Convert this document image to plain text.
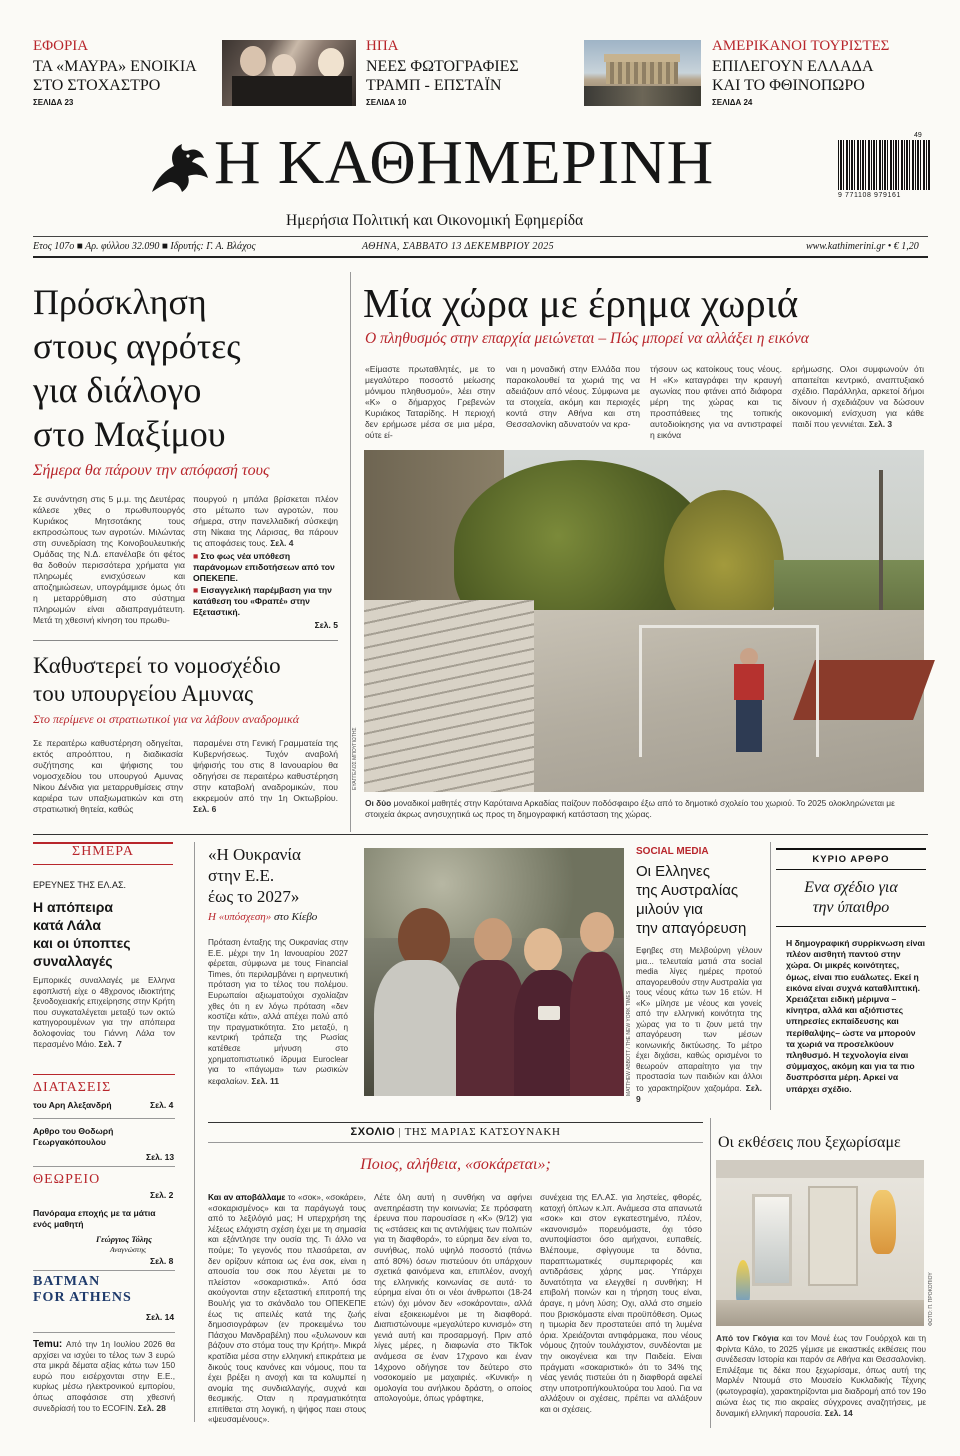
ΕΦΟΡΙΑ
ΤΑ «ΜΑΥΡΑ» ΕΝΟΙΚΙΑ
ΣΤΟ ΣΤΟΧΑΣΤΡΟ
ΣΕΛΙΔΑ 23
ΗΠΑ
ΝΕΕΣ ΦΩΤΟΓΡΑΦΙΕΣ
ΤΡΑΜΠ - ΕΠΣΤΑΪΝ
ΣΕΛΙΔΑ 10
ΑΜΕΡΙΚΑΝΟΙ ΤΟΥΡΙΣΤΕΣ
ΕΠΙΛΕΓΟΥΝ ΕΛΛΑΔΑ
ΚΑΙ ΤΟ ΦΘΙΝΟΠΩΡΟ
ΣΕΛΙΔΑ 24
Η ΚΑΘΗΜΕΡΙΝΗ
Ημερήσια Πολιτική και Οικονομική Εφημερίδα
49
9 771108 979161
Ετος 107ο ■ Αρ. φύλλου 32.090 ■ Ιδρυτής: Γ. Α. Βλάχος	ΑΘΗΝΑ, ΣΑΒΒΑΤΟ 13 ΔΕΚΕΜΒΡΙΟΥ 2025	www.kathimerini.gr • € 1,20
Πρόσκληση
στους αγρότες
για διάλογο
στο Μαξίμου
Σήμερα θα πάρουν την απόφασή τους
Σε συνάντηση στις 5 μ.μ. της Δευτέρας κάλεσε χθες ο πρωθυπουργός Κυριάκος Μητσοτάκης τους εκπροσώπους των αγροτών. Μιλώντας στη συνεδρίαση της Κοινοβουλευτικής Ομάδας της Ν.Δ. επανέλαβε ότι φέτος θα δοθούν περισσότερα χρήματα για πληρωμές ενισχύσεων και αποζημιώσεων, υπογράμμισε όμως ότι η μεταρρύθμιση στο σύστημα πληρωμών είναι αδιαπραγμάτευτη. Μετά τη χθεσινή κίνηση του πρωθυ-
πουργού η μπάλα βρίσκεται πλέον στο μέτωπο των αγροτών, που σήμερα, στην πανελλαδική σύσκεψη στη Νίκαια της Λάρισας, θα πάρουν τις αποφάσεις τους. Σελ. 4
■ Στο φως νέα υπόθεση παράνομων επιδοτήσεων από τον ΟΠΕΚΕΠΕ.
■ Εισαγγελική παρέμβαση για την κατάθεση του «Φραπέ» στην Εξεταστική.
Σελ. 5
Καθυστερεί το νομοσχέδιο
του υπουργείου Αμυνας
Στο περίμενε οι στρατιωτικοί για να λάβουν αναδρομικά
Σε περαιτέρω καθυστέρηση οδηγείται, εκτός απροόπτου, η διαδικασία συζήτησης και ψήφισης του νομοσχεδίου του υπουργού Αμυνας Νίκου Δένδια για μεταρρυθμίσεις στην καριέρα των υπαξιωματικών και στη στρατιωτική θητεία, καθώς
παραμένει στη Γενική Γραμματεία της Κυβερνήσεως. Τυχόν αναβολή ψήφισής του στις 8 Ιανουαρίου θα οδηγήσει σε περαιτέρω καθυστέρηση στην καταβολή αναδρομικών, που εκκρεμούν από την 1η Οκτωβρίου. Σελ. 6
Μία χώρα με έρημα χωριά
Ο πληθυσμός στην επαρχία μειώνεται – Πώς μπορεί να αλλάξει η εικόνα
«Είμαστε πρωταθλητές, με το μεγαλύτερο ποσοστό μείωσης μόνιμου πληθυσμού», λέει στην «Κ» ο δήμαρχος Γρεβενών Κυριάκος Ταταρίδης. Η περιοχή δεν ερήμωσε μέσα σε μια μέρα, ούτε εί-
ναι η μοναδική στην Ελλάδα που παρακολουθεί τα χωριά της να αδειάζουν από νέους. Σύμφωνα με τα στοιχεία, ακόμη και περιοχές κοντά στην Αθήνα και στη Θεσσαλονίκη αδυνατούν να κρα-
τήσουν ως κατοίκους τους νέους. Η «Κ» καταγράφει την κραυγή αγωνίας που φτάνει από διάφορα μέρη της χώρας και τις προσπάθειες της τοπικής αυτοδιοίκησης για να αντιστραφεί η εικόνα
ερήμωσης. Ολοι συμφωνούν ότι απαιτείται κεντρικό, αναπτυξιακό σχέδιο. Παράλληλα, αρκετοί δήμοι δίνουν ή σχεδιάζουν να δώσουν οικονομική ενίσχυση για κάθε παιδί που γεννιέται. Σελ. 3
ΕΥΑΓΓΕΛΟΣ ΜΠΟΥΓΙΩΤΗΣ
Οι δύο μοναδικοί μαθητές στην Καρύταινα Αρκαδίας παίζουν ποδόσφαιρο έξω από το δημοτικό σχολείο του χωριού. Το 2025 ολοκληρώνεται με στοιχεία άκρως ανησυχητικά ως προς τη δημογραφική κατάσταση της χώρας.
ΣΗΜΕΡΑ
ΕΡΕΥΝΕΣ ΤΗΣ ΕΛ.ΑΣ.
Η απόπειρα
κατά Λάλα
και οι ύποπτες
συναλλαγές
Εμπορικές συναλλαγές με Ελληνα εφοπλιστή είχε ο 48χρονος ιδιοκτήτης ξενοδοχειακής επιχείρησης στην Κρήτη που συγκαταλέγεται μεταξύ των οκτώ κατηγορουμένων για την απόπειρα δολοφονίας του Γιάννη Λάλα τον περασμένο Μάιο. Σελ. 7
ΔΙΑΤΑΣΕΙΣ
του Αρη Αλεξανδρή	Σελ. 4
Αρθρο του Θοδωρή Γεωργακόπουλου
Σελ. 13
ΘΕΩΡΕΙΟ
Σελ. 2
Πανόραμα εποχής με τα μάτια ενός μαθητή
Γεώργιος Τόλης
Αναγνώστης
Σελ. 8
BATMAN
FOR ATHENS
Σελ. 14
Temu: Από την 1η Ιουλίου 2026 θα αρχίσει να ισχύει το τέλος των 3 ευρώ στα μικρά δέματα αξίας κάτω των 150 ευρώ που εισέρχονται στην Ε.Ε., κυρίως μέσω ηλεκτρονικού εμπορίου, όπως αποφάσισε στη χθεσινή συνεδρίασή του το ECOFIN. Σελ. 28
«Η Ουκρανία
στην Ε.Ε.
έως το 2027»
Η «υπόσχεση» στο Κίεβο
Πρόταση ένταξης της Ουκρανίας στην Ε.Ε. μέχρι την 1η Ιανουαρίου 2027 φέρεται, σύμφωνα με τους Financial Times, ότι περιλαμβάνει η ειρηνευτική πρόταση για το τέλος του πολέμου. Ευρωπαίοι αξιωματούχοι σχολίαζαν χθες ότι η εν λόγω πρόταση «δεν κοστίζει κάτι», αλλά απέχει πολύ από την πραγματικότητα. Στο μεταξύ, η κεντρική τράπεζα της Ρωσίας κατέθεσε μήνυση στο χρηματοπιστωτικό ίδρυμα Euroclear για το «πάγωμα» των ρωσικών κεφαλαίων. Σελ. 11	MATTHEW ABBOTT / THE NEW YORK TIMES
SOCIAL MEDIA
Οι Ελληνες
της Αυστραλίας
μιλούν για
την απαγόρευση
Εφηβες στη Μελβούρνη γέλουν μια... τελευταία ματιά στα social media λίγες ημέρες προτού απαγορευθούν στην Αυστραλία για τους νέους κάτω των 16 ετών. Η «Κ» μίλησε με νέους και γονείς από την ελληνική κοινότητα της χώρας για το τι ζουν μετά την απαγόρευση των μέσων κοινωνικής δικτύωσης. Το μέτρο έχει διχάσει, καθώς ορισμένοι το θεωρούν απαραίτητο για την προστασία των παιδιών και άλλοι το χαρακτηρίζουν χαζομάρα. Σελ. 9
ΚΥΡΙΟ ΑΡΘΡΟ
Ενα σχέδιο για
την ύπαιθρο
Η δημογραφική συρρίκνωση είναι πλέον αισθητή παντού στην χώρα. Οι μικρές κοινότητες, όμως, είναι πιο ευάλωτες. Εκεί η εικόνα είναι συχνά καταθλιπτική. Χρειάζεται ειδική μέριμνα –κίνητρα, αλλά και αξιόπιστες υπηρεσίες εκπαίδευσης και περίθαλψης– ώστε να μπορούν τα χωριά να προσελκύουν πληθυσμό. Η τεχνολογία είναι σύμμαχος, ακόμη και για τα πιο δυσπρόσιτα μέρη. Αρκεί να υπάρχει σχέδιο.
ΣΧΟΛΙΟ | ΤΗΣ ΜΑΡΙΑΣ ΚΑΤΣΟΥΝΑΚΗ
Ποιος, αλήθεια, «σοκάρεται»;
Και αν αποβάλλαμε το «σοκ», «σοκάρει», «σοκαρισμένος» και τα παράγωγά τους από το λεξιλόγιό μας; Η υπερχρήση της λέξεως ελάχιστη σχέση έχει με τη σημασία και εξάντλησε την ουσία της. Τι άλλο να πούμε; Το γεγονός που πλασάρεται, αν δεν ορίζουν κάποια ως ένα σοκ, είναι η απουσία του σοκ που λέγεται με το πλείστον «σοκαριστικά». Από όσα ακούγονται στην εξεταστική επιτροπή της Βουλής για το σκάνδαλο του ΟΠΕΚΕΠΕ έως τις απειλές κατά της ζωής δημοσιογράφων (εν προκειμένω του Πάσχου Μανδραβέλη) που «ξυλωνουν και βάζουν στο στόμα τους την Κρήτη». Μικρά κρατίδια μέσα στην ελληνική επικράτεια με δικούς τους κανόνες και νόμους, που τα έχει βρέξει η ανοχή και τα κολυμπεί η ανομία της συνδιαλλαγής, συχνά και θεσμικής. Οταν η πραγματικότητα επιτίθεται στη λογική, η ψήφος παει στους «ψευσαμένους».
Λέτε όλη αυτή η συνθήκη να αφήνει ανεπηρέαστη την κοινωνία; Σε πρόσφατη έρευνα που παρουσίασε η «Κ» (9/12) για τις «στάσεις και τις αντιλήψεις των πολιτών για τη διαφθορά», το εύρημα δεν είναι το, συνήθως, πολύ υψηλό ποσοστό (πάνω από 80%) όσων πιστεύουν ότι υπάρχουν σχετικά φαινόμενα και, επιπλέον, ανοχή της ελληνικής κοινωνίας σε αυτά· το εύρημα είναι ότι οι νέοι άνθρωποι (18-24 ετών) όχι μόνον δεν «σοκάρονται», αλλά είναι εξοικειωμένοι με τη διαφθορά. Διαπιστώνουμε «μεγαλύτερο κυνισμό» στη γενιά αυτή και προσαρμογή. Πριν από λίγες μέρες, η διαφωνία στο TikTok ανάμεσα σε έναν 17χρονο και έναν 14χρονο οδήγησε τον δεύτερο στο νοσοκομείο με μαχαιριές. «Κυνική» η ομολογία του ανήλικου δράστη, ο οποίος απολογούμε, όπως γράφτηκε,
συνέχεια της ΕΛ.ΑΣ. για ληστείες, φθορές, κατοχή όπλων κ.λπ. Ανάμεσα στα απανωτά «σοκ» και στον εγκατεστημένο, πλέον, «κανονισμό» πορευόμαστε, όχι τόσο ανυποψίαστοι όσο αμήχανοι, ευπαθείς. Βλέπουμε, σφίγγουμε τα δόντια, παραπτωματικές συμπεριφορές και αντιδράσεις χάρης μας. Υπάρχει δυνατότητα να ελεγχθεί η συνθήκη; Η επιβολή ποινών και η τήρηση τους είναι, άραγε, η μόνη λύση; Οχι, αλλά στο σημείο που βρισκόμαστε είναι προϋπόθεση. Ομως η τιμωρία δεν προστατεύει από τη λυμένα όρια. Χρειάζονται αντιφάρμακα, που νέους νόμους ζητούν τουλάχιστον, συνδέονται με την οικογένεια και την Παιδεία. Είναι πράγματι «σοκαριστικό» ότι το 34% της νέας γενιάς πιστεύει ότι η διαφθορά αφελεί στην υποτροπή/κουλτούρα του λαού. Για να αλλάξουν οι σχέσεις, πρέπει να αλλάξουν και οι σχέσεις.
Οι εκθέσεις που ξεχωρίσαμε
ΦΩΤΟ: Π. ΠΡΟΚΟΠΙΟΥ
Από τον Γκόγια και τον Μονέ έως τον Γουόρχολ και τη Φρίντα Κάλο, το 2025 γέμισε με εικαστικές εκθέσεις που συνέδεσαν Ιστορία και παρόν σε Αθήνα και Θεσσαλονίκη. Επιλέξαμε τις δέκα που ξεχωρίσαμε, όπως αυτή της Μαρλέν Ντουμά στο Μουσείο Κυκλαδικής Τέχνης (φωτογραφία), χαρακτηρίζονται μια διαδρομή από τον 19ο αιώνα έως τις πιο ακραίες σύγχρονες αναζητήσεις, με δυναμική ελληνική παρουσία. Σελ. 14
